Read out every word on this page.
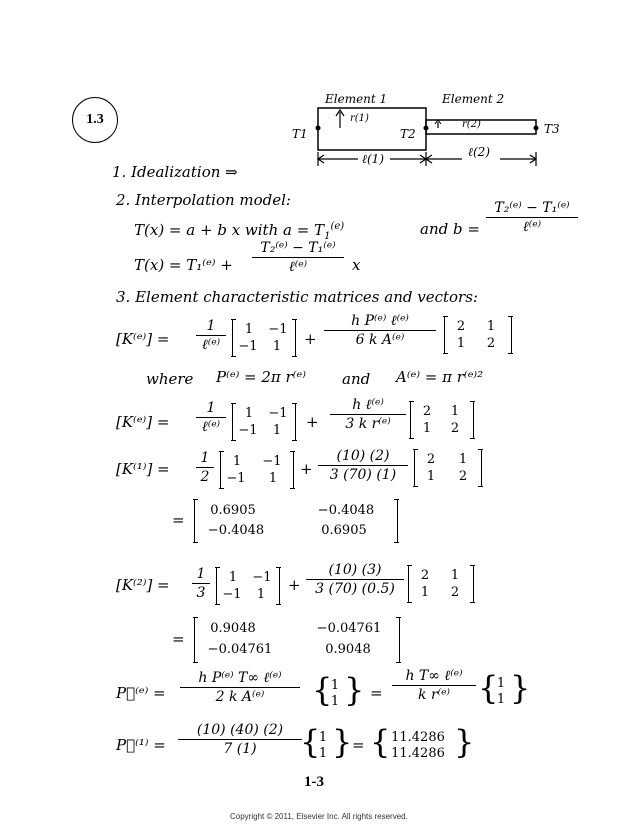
1.3
Element 1	Element 2
r(1)
r(2)
T1	T2	T3
ℓ(1)	ℓ(2)
1. Idealization ⇒
2. Interpolation model:
T(x) = a + b x with $a = T_1^{(e)}$	and b =
T₂⁽ᵉ⁾ − T₁⁽ᵉ⁾
ℓ⁽ᵉ⁾
T(x) = T₁⁽ᵉ⁾ +
T₂⁽ᵉ⁾ − T₁⁽ᵉ⁾
ℓ⁽ᵉ⁾	x
3. Element characteristic matrices and vectors:
[K⁽ᵉ⁾] =
1
ℓ⁽ᵉ⁾
1 −1
−1 1 +
h P⁽ᵉ⁾ ℓ⁽ᵉ⁾
6 k A⁽ᵉ⁾
2 1
1 2
where P⁽ᵉ⁾ = 2π r⁽ᵉ⁾ and A⁽ᵉ⁾ = π r⁽ᵉ⁾²
[K⁽ᵉ⁾] =
1
ℓ⁽ᵉ⁾
1 −1
−1 1 +
h ℓ⁽ᵉ⁾
3 k r⁽ᵉ⁾
2 1
1 2
[K⁽¹⁾] =
1
2
1 −1
−1 1
+
(10) (2)
3 (70) (1)
2 1
1 2
=
0.6905	−0.4048
−0.4048	0.6905
[K⁽²⁾] =
1
3
1 −1
−1 1
+
(10) (3)
3 (70) (0.5)
2 1
1 2
=
0.9048	−0.04761
−0.04761	0.9048
P⃗⁽ᵉ⁾ =
h P⁽ᵉ⁾ T∞ ℓ⁽ᵉ⁾
2 k A⁽ᵉ⁾	{
1
1 } =
h T∞ ℓ⁽ᵉ⁾
k r⁽ᵉ⁾ {
1
1 }
P⃗⁽¹⁾ =
(10) (40) (2)
7 (1)	{
1
1 } = { 11.4286
11.4286 }
1-3
Copyright © 2011, Elsevier Inc. All rights reserved.
